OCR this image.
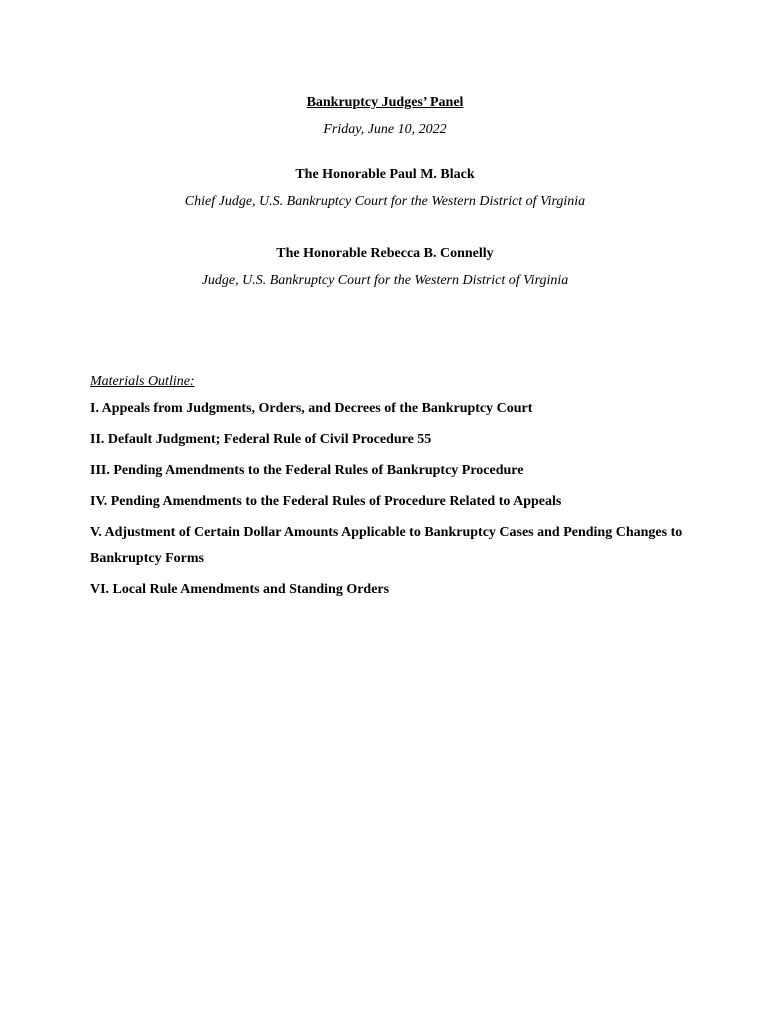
Bankruptcy Judges’ Panel
Friday, June 10, 2022
The Honorable Paul M. Black
Chief Judge, U.S. Bankruptcy Court for the Western District of Virginia
The Honorable Rebecca B. Connelly
Judge, U.S. Bankruptcy Court for the Western District of Virginia
Materials Outline:
I. Appeals from Judgments, Orders, and Decrees of the Bankruptcy Court
II. Default Judgment; Federal Rule of Civil Procedure 55
III. Pending Amendments to the Federal Rules of Bankruptcy Procedure
IV. Pending Amendments to the Federal Rules of Procedure Related to Appeals
V. Adjustment of Certain Dollar Amounts Applicable to Bankruptcy Cases and Pending Changes to Bankruptcy Forms
VI. Local Rule Amendments and Standing Orders
